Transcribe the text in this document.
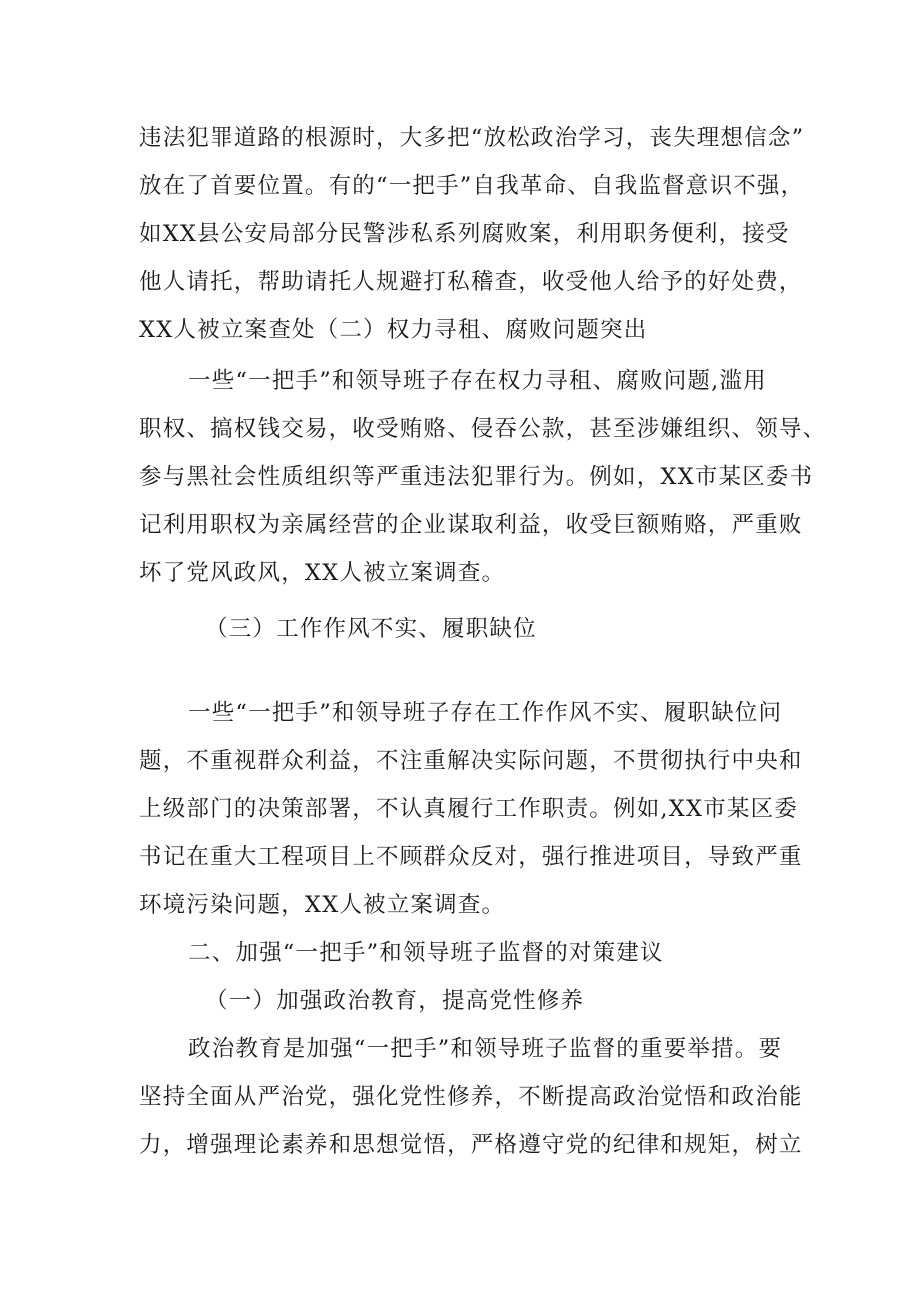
违法犯罪道路的根源时，大多把“放松政治学习，丧失理想信念”
放在了首要位置。有的“一把手”自我革命、自我监督意识不强，
如XX县公安局部分民警涉私系列腐败案，利用职务便利，接受
他人请托，帮助请托人规避打私稽查，收受他人给予的好处费，
XX人被立案查处（二）权力寻租、腐败问题突出
一些“一把手”和领导班子存在权力寻租、腐败问题,滥用
职权、搞权钱交易，收受贿赂、侵吞公款，甚至涉嫌组织、领导、
参与黑社会性质组织等严重违法犯罪行为。例如，XX市某区委书
记利用职权为亲属经营的企业谋取利益，收受巨额贿赂，严重败
坏了党风政风，XX人被立案调查。
（三）工作作风不实、履职缺位
一些“一把手”和领导班子存在工作作风不实、履职缺位问
题，不重视群众利益，不注重解决实际问题，不贯彻执行中央和
上级部门的决策部署，不认真履行工作职责。例如,XX市某区委
书记在重大工程项目上不顾群众反对，强行推进项目，导致严重
环境污染问题，XX人被立案调查。
二、加强“一把手”和领导班子监督的对策建议
（一）加强政治教育，提高党性修养
政治教育是加强“一把手”和领导班子监督的重要举措。要
坚持全面从严治党，强化党性修养，不断提高政治觉悟和政治能
力，增强理论素养和思想觉悟，严格遵守党的纪律和规矩，树立
